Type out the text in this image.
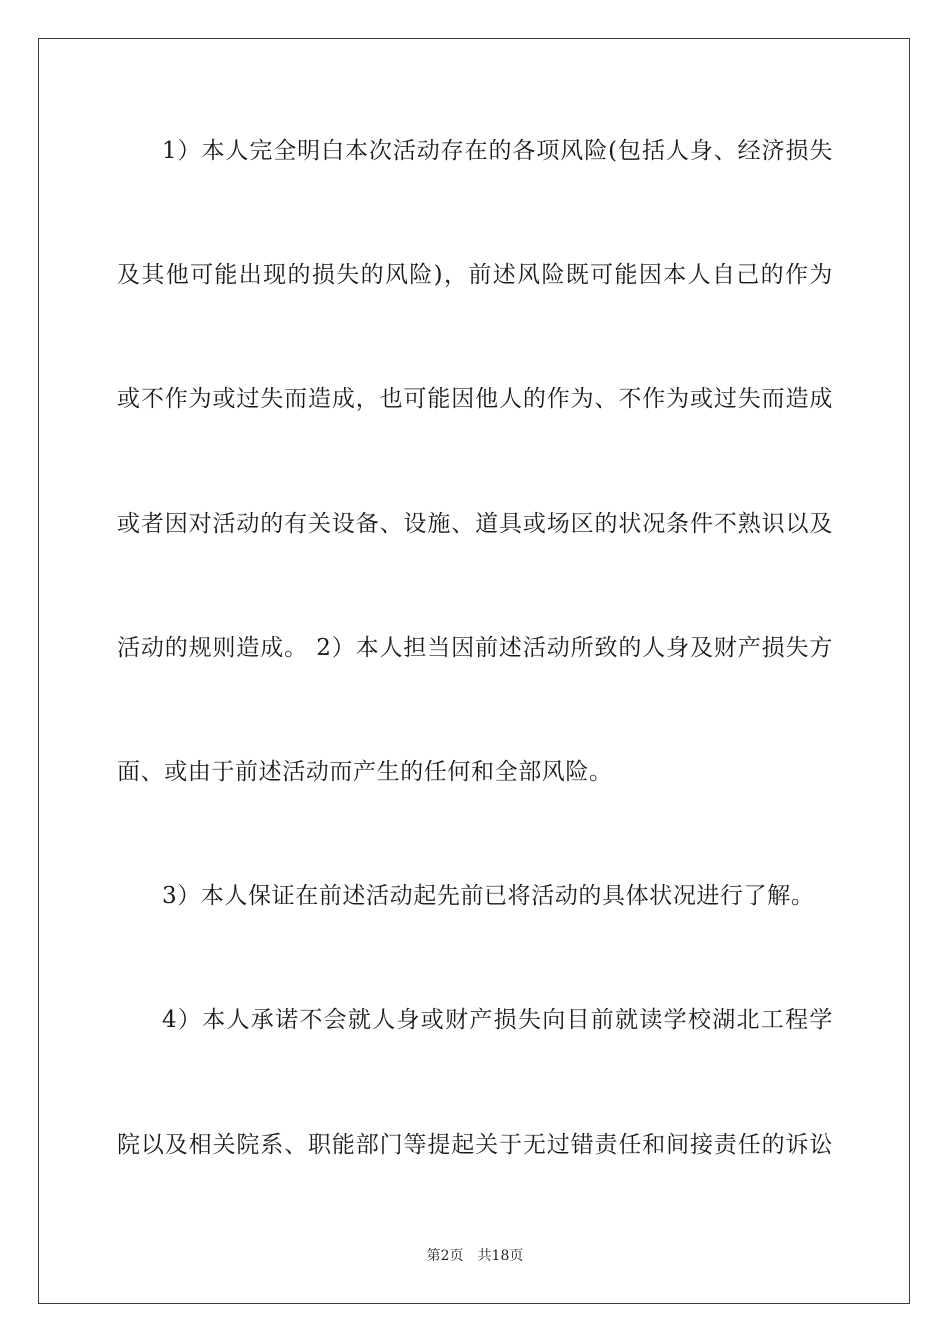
1）本人完全明白本次活动存在的各项风险(包括人身、经济损失
及其他可能出现的损失的风险)，前述风险既可能因本人自己的作为
或不作为或过失而造成，也可能因他人的作为、不作为或过失而造成
或者因对活动的有关设备、设施、道具或场区的状况条件不熟识以及
活动的规则造成。 2）本人担当因前述活动所致的人身及财产损失方
面、或由于前述活动而产生的任何和全部风险。
3）本人保证在前述活动起先前已将活动的具体状况进行了解。
4）本人承诺不会就人身或财产损失向目前就读学校湖北工程学
院以及相关院系、职能部门等提起关于无过错责任和间接责任的诉讼
第2页 共18页
